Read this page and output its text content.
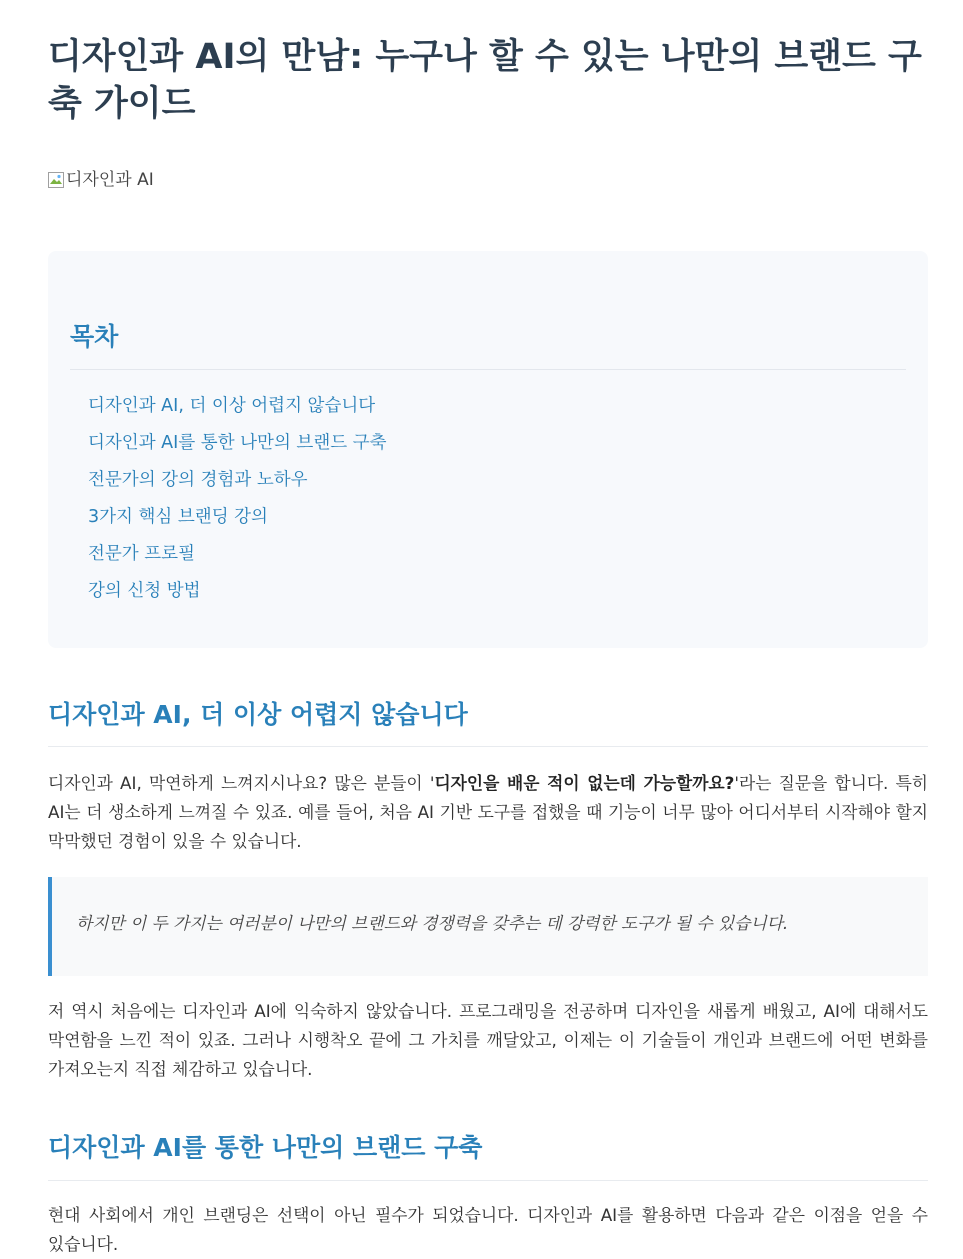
디자인과 AI의 만남: 누구나 할 수 있는 나만의 브랜드 구축 가이드
디자인과 AI
목차
디자인과 AI, 더 이상 어렵지 않습니다
디자인과 AI를 통한 나만의 브랜드 구축
전문가의 강의 경험과 노하우
3가지 핵심 브랜딩 강의
전문가 프로필
강의 신청 방법
디자인과 AI, 더 이상 어렵지 않습니다

디자인과 AI, 막연하게 느껴지시나요? 많은 분들이 '디자인을 배운 적이 없는데 가능할까요?'라는 질문을 합니다. 특히 AI는 더 생소하게 느껴질 수 있죠. 예를 들어, 처음 AI 기반 도구를 접했을 때 기능이 너무 많아 어디서부터 시작해야 할지 막막했던 경험이 있을 수 있습니다.

하지만 이 두 가지는 여러분이 나만의 브랜드와 경쟁력을 갖추는 데 강력한 도구가 될 수 있습니다.

저 역시 처음에는 디자인과 AI에 익숙하지 않았습니다. 프로그래밍을 전공하며 디자인을 새롭게 배웠고, AI에 대해서도 막연함을 느낀 적이 있죠. 그러나 시행착오 끝에 그 가치를 깨달았고, 이제는 이 기술들이 개인과 브랜드에 어떤 변화를 가져오는지 직접 체감하고 있습니다.

디자인과 AI를 통한 나만의 브랜드 구축

현대 사회에서 개인 브랜딩은 선택이 아닌 필수가 되었습니다. 디자인과 AI를 활용하면 다음과 같은 이점을 얻을 수 있습니다.
